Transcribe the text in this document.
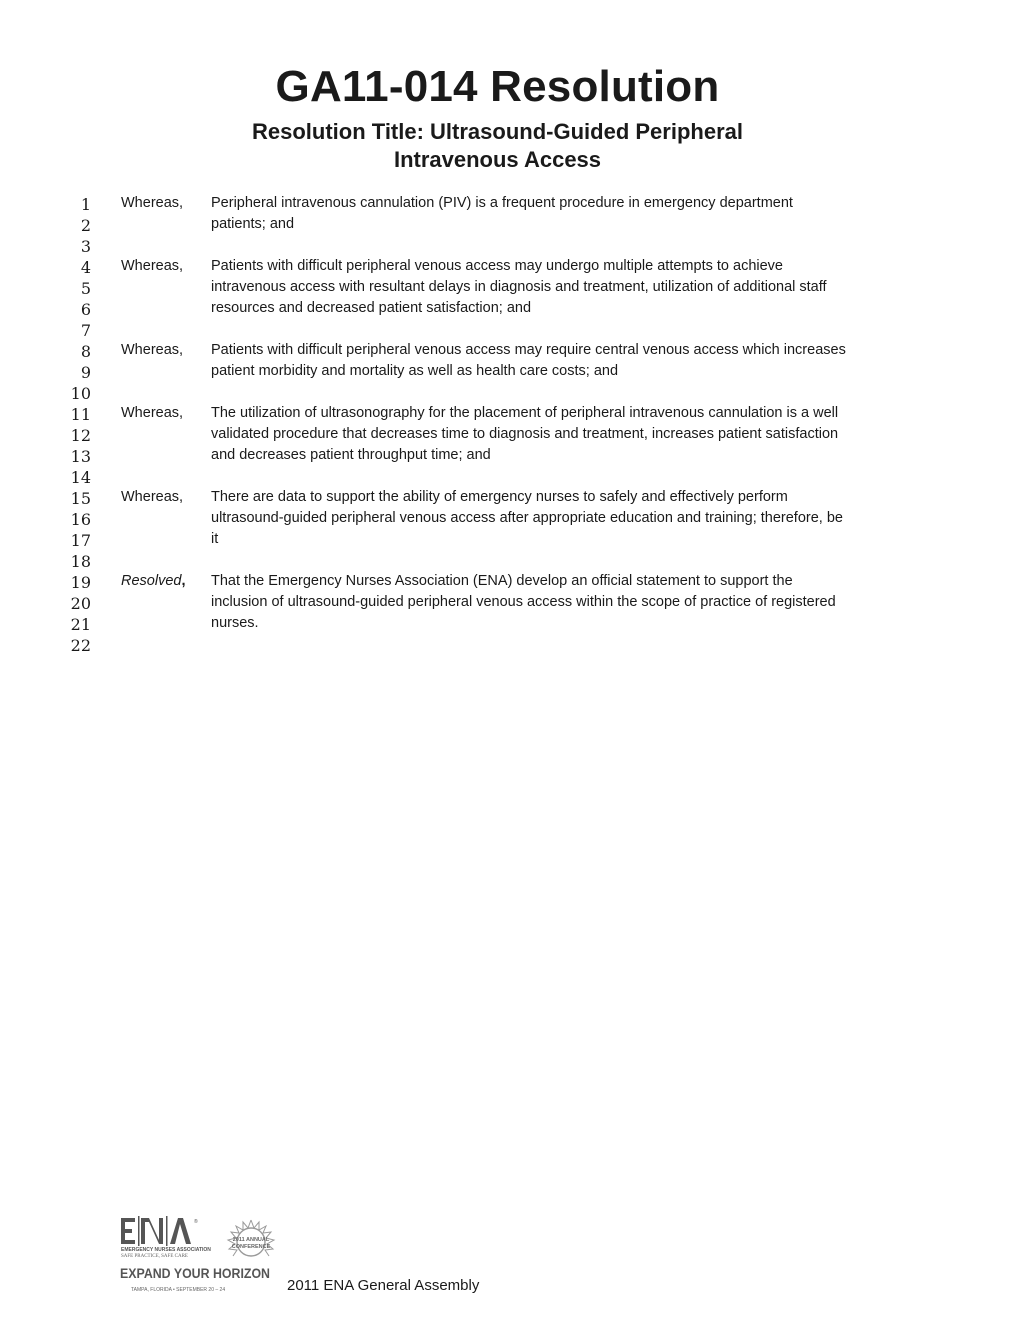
GA11-014 Resolution
Resolution Title: Ultrasound-Guided Peripheral
Intravenous Access
1 Whereas, Peripheral intravenous cannulation (PIV) is a frequent procedure in emergency department
2	patients; and
3
4 Whereas, Patients with difficult peripheral venous access may undergo multiple attempts to achieve
5	intravenous access with resultant delays in diagnosis and treatment, utilization of additional staff
6	resources and decreased patient satisfaction; and
7
8 Whereas, Patients with difficult peripheral venous access may require central venous access which increases
9	patient morbidity and mortality as well as health care costs; and
10
11 Whereas, The utilization of ultrasonography for the placement of peripheral intravenous cannulation is a well
12	validated procedure that decreases time to diagnosis and treatment, increases patient satisfaction
13	and decreases patient throughput time; and
14
15 Whereas, There are data to support the ability of emergency nurses to safely and effectively perform
16	ultrasound-guided peripheral venous access after appropriate education and training; therefore, be
17	it
18
19 Resolved, That the Emergency Nurses Association (ENA) develop an official statement to support the
20	inclusion of ultrasound-guided peripheral venous access within the scope of practice of registered
21	nurses.
22
®
EMERGENCY NURSES ASSOCIATION
SAFE PRACTICE, SAFE CARE
2011 ANNUAL
CONFERENCE
EXPAND YOUR HORIZON
TAMPA, FLORIDA • SEPTEMBER 20 – 24	2011 ENA General Assembly
